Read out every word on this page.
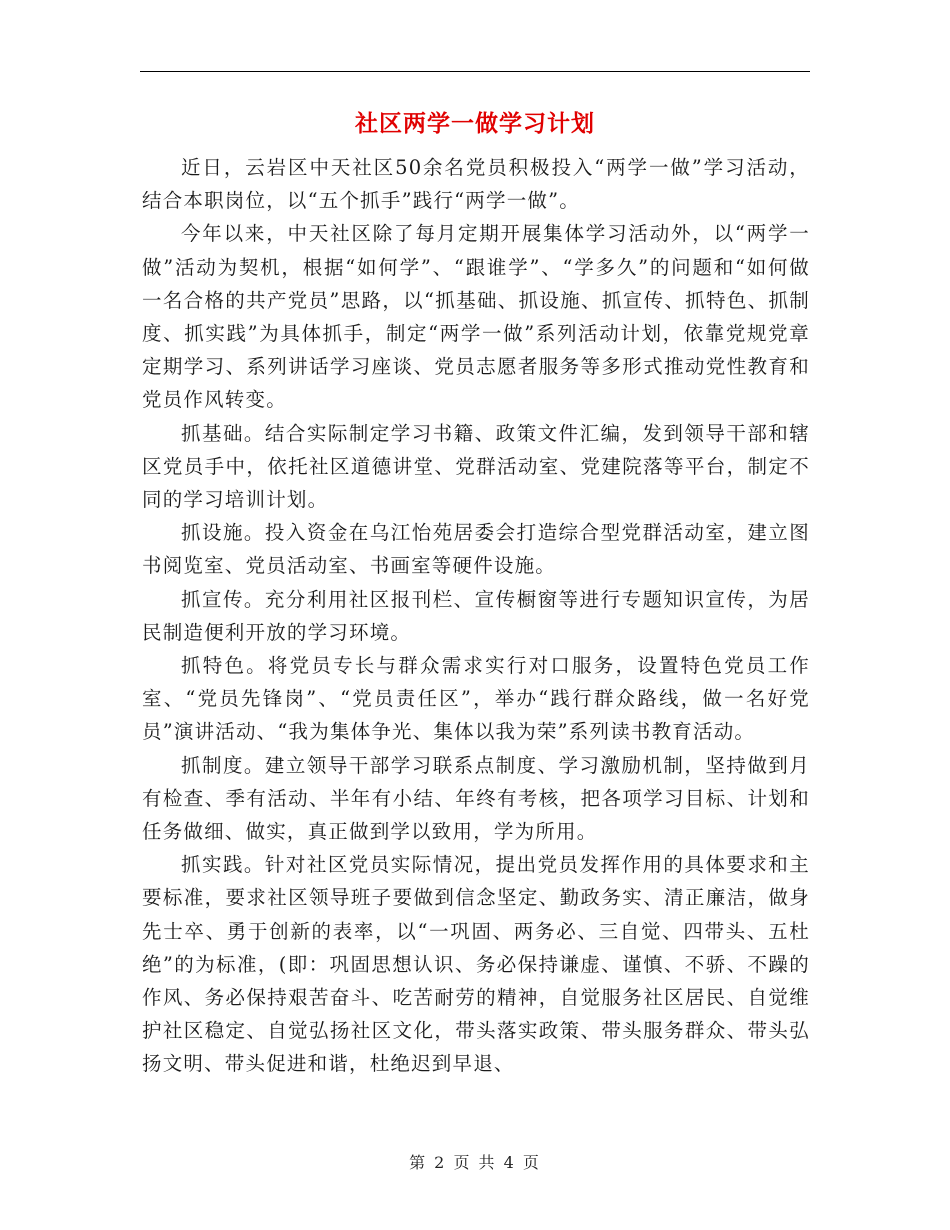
社区两学一做学习计划

近日，云岩区中天社区50余名党员积极投入“两学一做”学习活动，结合本职岗位，以“五个抓手”践行“两学一做”。

今年以来，中天社区除了每月定期开展集体学习活动外，以“两学一做”活动为契机，根据“如何学”、“跟谁学”、“学多久”的问题和“如何做一名合格的共产党员”思路，以“抓基础、抓设施、抓宣传、抓特色、抓制度、抓实践”为具体抓手，制定“两学一做”系列活动计划，依靠党规党章定期学习、系列讲话学习座谈、党员志愿者服务等多形式推动党性教育和党员作风转变。

抓基础。结合实际制定学习书籍、政策文件汇编，发到领导干部和辖区党员手中，依托社区道德讲堂、党群活动室、党建院落等平台，制定不同的学习培训计划。

抓设施。投入资金在乌江怡苑居委会打造综合型党群活动室，建立图书阅览室、党员活动室、书画室等硬件设施。

抓宣传。充分利用社区报刊栏、宣传橱窗等进行专题知识宣传，为居民制造便利开放的学习环境。

抓特色。将党员专长与群众需求实行对口服务，设置特色党员工作室、“党员先锋岗”、“党员责任区”，举办“践行群众路线，做一名好党员”演讲活动、“我为集体争光、集体以我为荣”系列读书教育活动。

抓制度。建立领导干部学习联系点制度、学习激励机制，坚持做到月有检查、季有活动、半年有小结、年终有考核，把各项学习目标、计划和任务做细、做实，真正做到学以致用，学为所用。

抓实践。针对社区党员实际情况，提出党员发挥作用的具体要求和主要标准，要求社区领导班子要做到信念坚定、勤政务实、清正廉洁，做身先士卒、勇于创新的表率，以“一巩固、两务必、三自觉、四带头、五杜绝”的为标准，(即：巩固思想认识、务必保持谦虚、谨慎、不骄、不躁的作风、务必保持艰苦奋斗、吃苦耐劳的精神，自觉服务社区居民、自觉维护社区稳定、自觉弘扬社区文化，带头落实政策、带头服务群众、带头弘扬文明、带头促进和谐，杜绝迟到早退、

第 2 页 共 4 页
